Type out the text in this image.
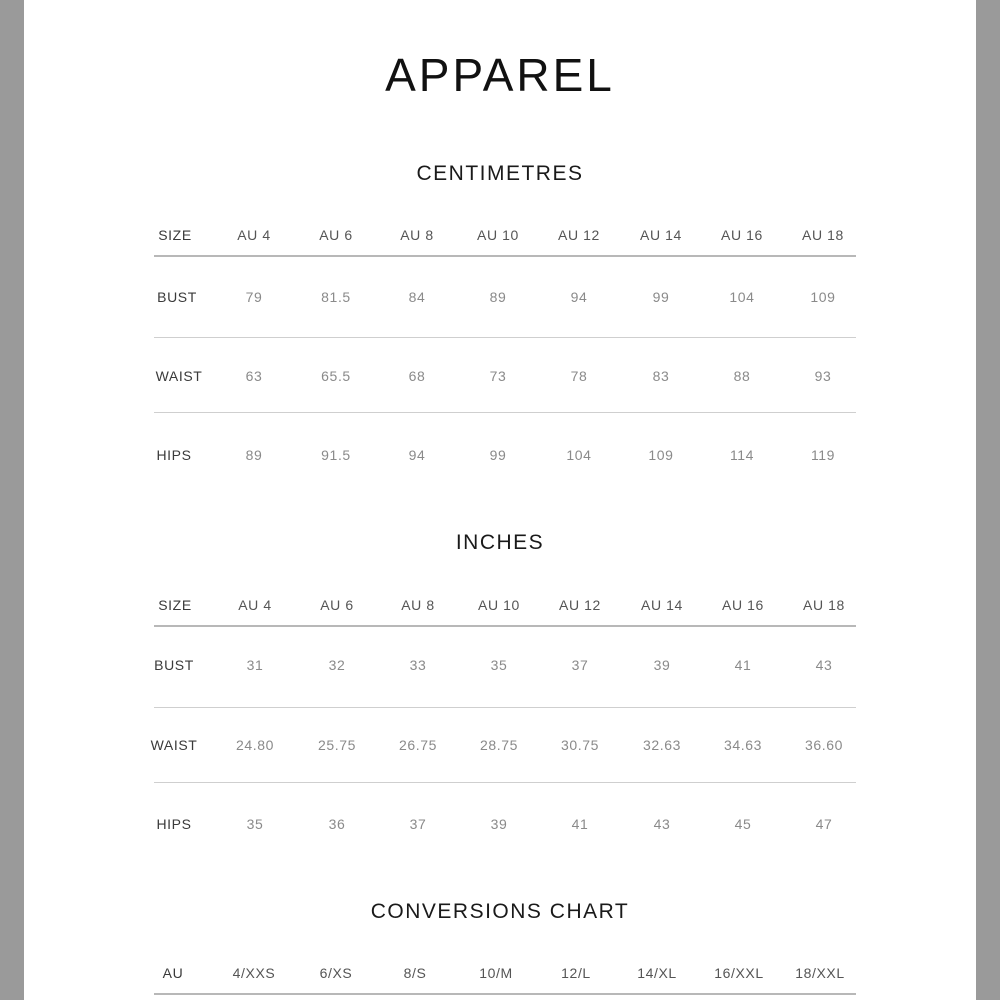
APPAREL
CENTIMETRES
SIZE	AU 4	AU 6	AU 8	AU 10	AU 12	AU 14	AU 16	AU 18
BUST	79	81.5	84	89	94	99	104	109
WAIST	63	65.5	68	73	78	83	88	93
HIPS	89	91.5	94	99	104	109	114	119
INCHES
SIZE	AU 4	AU 6	AU 8	AU 10	AU 12	AU 14	AU 16	AU 18
BUST	31	32	33	35	37	39	41	43
WAIST	24.80	25.75	26.75	28.75	30.75	32.63	34.63	36.60
HIPS	35	36	37	39	41	43	45	47
CONVERSIONS CHART
AU	4/XXS	6/XS	8/S	10/M	12/L	14/XL	16/XXL	18/XXL
